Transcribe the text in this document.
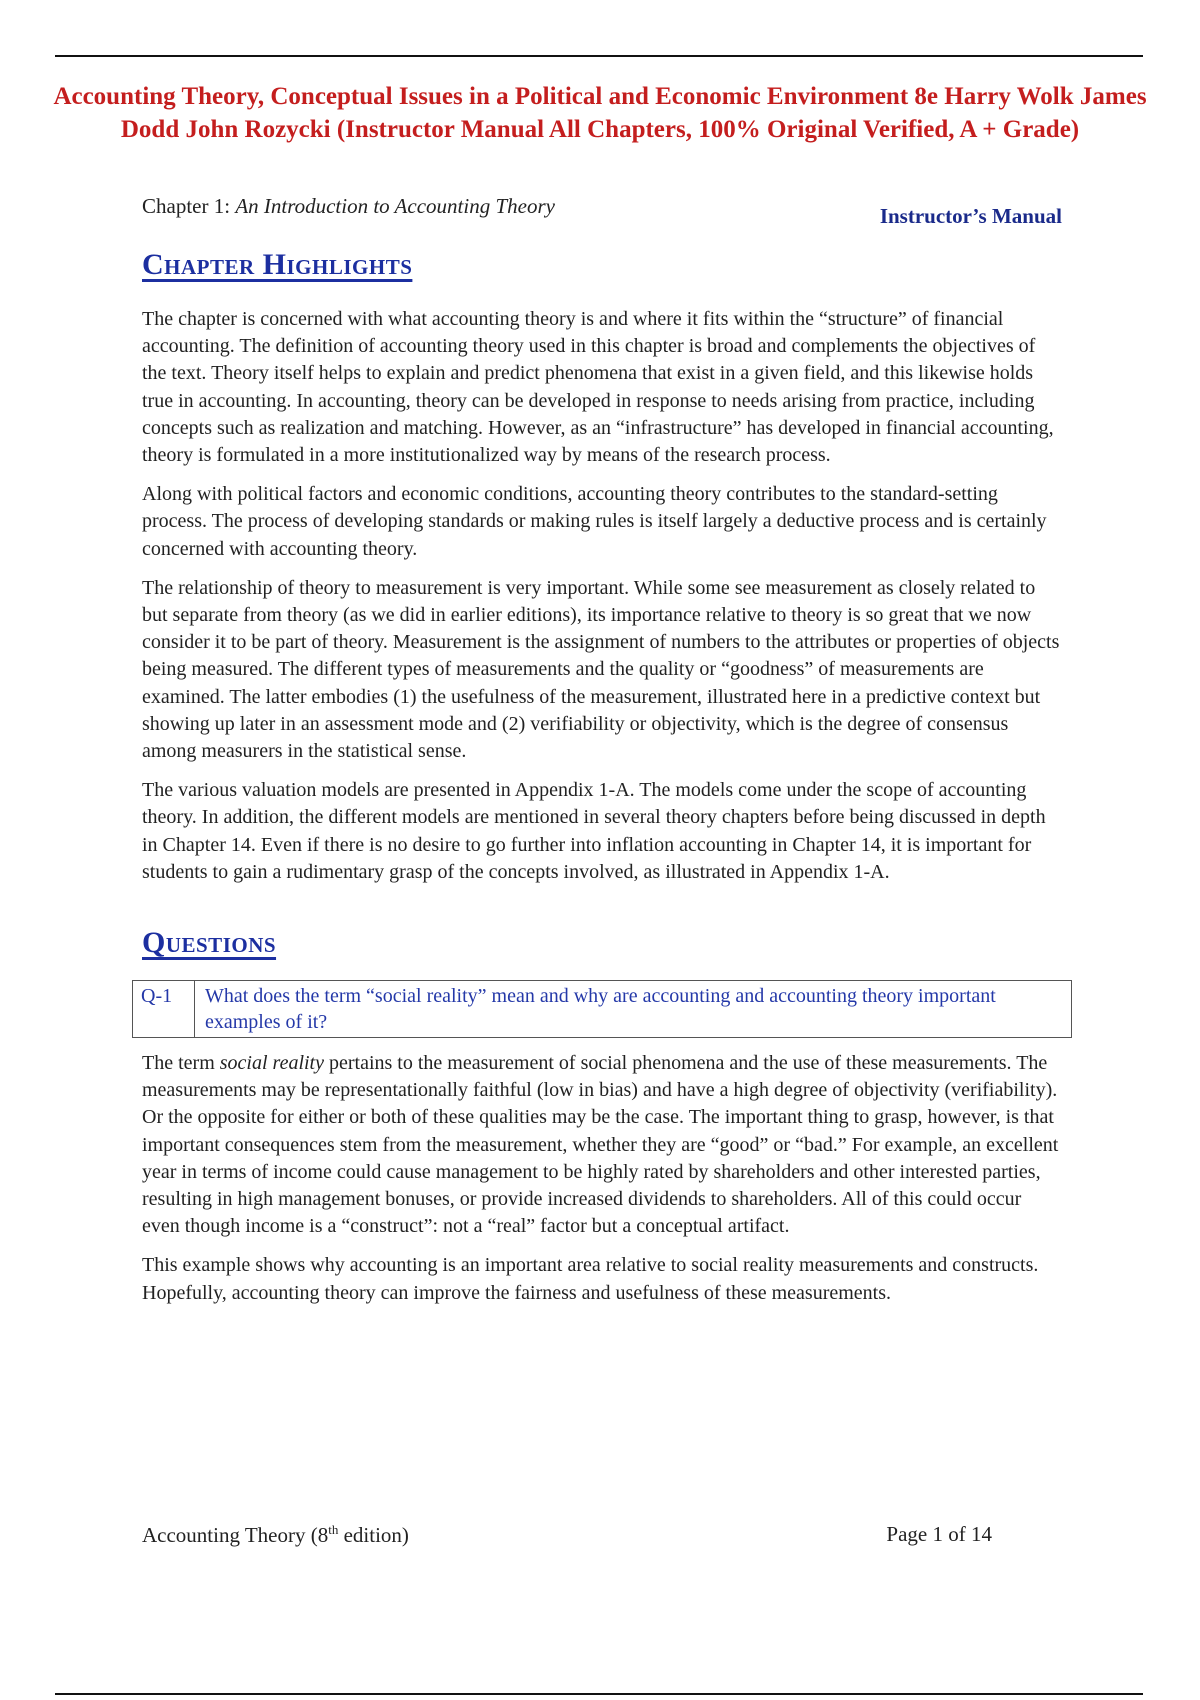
Accounting Theory, Conceptual Issues in a Political and Economic Environment 8e Harry Wolk James Dodd John Rozycki (Instructor Manual All Chapters, 100% Original Verified, A + Grade)
Chapter 1: An Introduction to Accounting Theory	Instructor’s Manual
Chapter Highlights

The chapter is concerned with what accounting theory is and where it fits within the “structure” of financial accounting. The definition of accounting theory used in this chapter is broad and complements the objectives of the text. Theory itself helps to explain and predict phenomena that exist in a given field, and this likewise holds true in accounting. In accounting, theory can be developed in response to needs arising from practice, including concepts such as realization and matching. However, as an “infrastructure” has developed in financial accounting, theory is formulated in a more institutionalized way by means of the research process.

Along with political factors and economic conditions, accounting theory contributes to the standard-setting process. The process of developing standards or making rules is itself largely a deductive process and is certainly concerned with accounting theory.

The relationship of theory to measurement is very important. While some see measurement as closely related to but separate from theory (as we did in earlier editions), its importance relative to theory is so great that we now consider it to be part of theory. Measurement is the assignment of numbers to the attributes or properties of objects being measured. The different types of measurements and the quality or “goodness” of measurements are examined. The latter embodies (1) the usefulness of the measurement, illustrated here in a predictive context but showing up later in an assessment mode and (2) verifiability or objectivity, which is the degree of consensus among measurers in the statistical sense.

The various valuation models are presented in Appendix 1-A. The models come under the scope of accounting theory. In addition, the different models are mentioned in several theory chapters before being discussed in depth in Chapter 14. Even if there is no desire to go further into inflation accounting in Chapter 14, it is important for students to gain a rudimentary grasp of the concepts involved, as illustrated in Appendix 1-A.

Questions
Q-1	What does the term “social reality” mean and why are accounting and accounting theory important examples of it?

The term social reality pertains to the measurement of social phenomena and the use of these measurements. The measurements may be representationally faithful (low in bias) and have a high degree of objectivity (verifiability). Or the opposite for either or both of these qualities may be the case. The important thing to grasp, however, is that important consequences stem from the measurement, whether they are “good” or “bad.” For example, an excellent year in terms of income could cause management to be highly rated by shareholders and other interested parties, resulting in high management bonuses, or provide increased dividends to shareholders. All of this could occur even though income is a “construct”: not a “real” factor but a conceptual artifact.

This example shows why accounting is an important area relative to social reality measurements and constructs. Hopefully, accounting theory can improve the fairness and usefulness of these measurements.

Accounting Theory (8th edition)	Page 1 of 14
